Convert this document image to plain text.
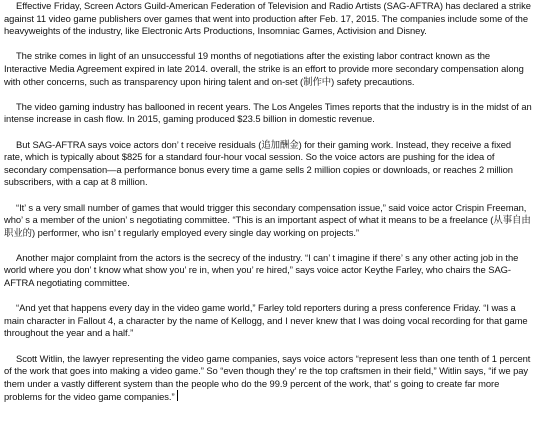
Effective Friday, Screen Actors Guild-American Federation of Television and Radio Artists (SAG-AFTRA) has declared a strike against 11 video game publishers over games that went into production after Feb. 17, 2015. The companies include some of the heavyweights of the industry, like Electronic Arts Productions, Insomniac Games, Activision and Disney.

The strike comes in light of an unsuccessful 19 months of negotiations after the existing labor contract known as the Interactive Media Agreement expired in late 2014. overall, the strike is an effort to provide more secondary compensation along with other concerns, such as transparency upon hiring talent and on-set (制作中) safety precautions.

The video gaming industry has ballooned in recent years. The Los Angeles Times reports that the industry is in the midst of an intense increase in cash flow. In 2015, gaming produced $23.5 billion in domestic revenue.

But SAG-AFTRA says voice actors don’ t receive residuals (追加酬金) for their gaming work. Instead, they receive a fixed rate, which is typically about $825 for a standard four-hour vocal session. So the voice actors are pushing for the idea of secondary compensation—a performance bonus every time a game sells 2 million copies or downloads, or reaches 2 million subscribers, with a cap at 8 million.

“It’ s a very small number of games that would trigger this secondary compensation issue,” said voice actor Crispin Freeman, who’ s a member of the union’ s negotiating committee. “This is an important aspect of what it means to be a freelance (从事自由职业的) performer, who isn’ t regularly employed every single day working on projects.”

Another major complaint from the actors is the secrecy of the industry. “I can’ t imagine if there’ s any other acting job in the world where you don’ t know what show you’ re in, when you’ re hired,” says voice actor Keythe Farley, who chairs the SAG-AFTRA negotiating committee.

“And yet that happens every day in the video game world,” Farley told reporters during a press conference Friday. “I was a main character in Fallout 4, a character by the name of Kellogg, and I never knew that I was doing vocal recording for that game throughout the year and a half.”

Scott Witlin, the lawyer representing the video game companies, says voice actors “represent less than one tenth of 1 percent of the work that goes into making a video game.” So “even though they’ re the top craftsmen in their field,” Witlin says, “if we pay them under a vastly different system than the people who do the 99.9 percent of the work, that’ s going to create far more problems for the video game companies.”
